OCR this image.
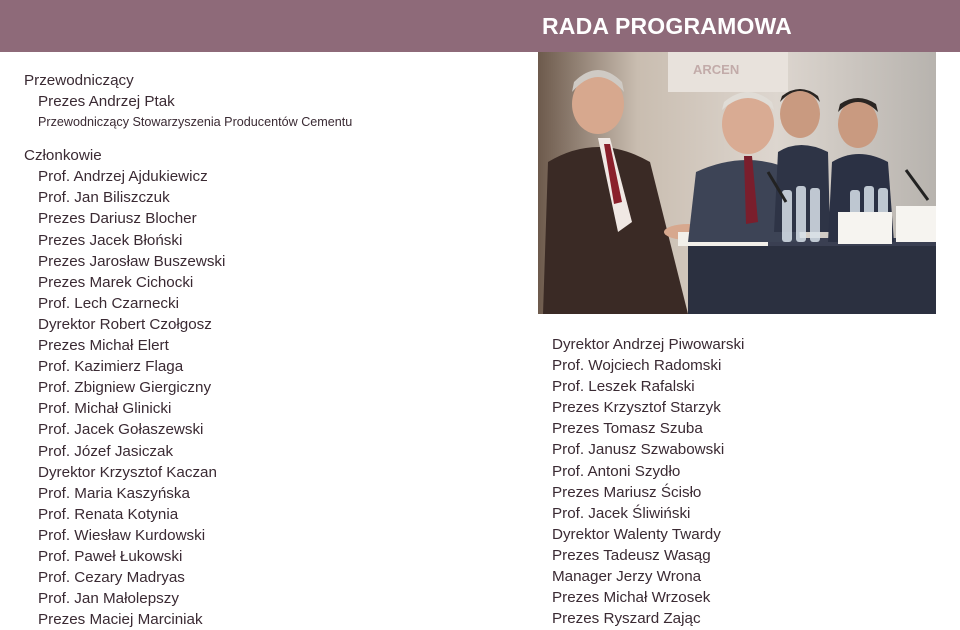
RADA PROGRAMOWA
Przewodniczący
Prezes Andrzej Ptak
Przewodniczący Stowarzyszenia Producentów Cementu
Członkowie
Prof. Andrzej Ajdukiewicz
Prof. Jan Biliszczuk
Prezes Dariusz Blocher
Prezes Jacek Błoński
Prezes Jarosław Buszewski
Prezes Marek Cichocki
Prof. Lech Czarnecki
Dyrektor Robert Czołgosz
Prezes Michał Elert
Prof. Kazimierz Flaga
Prof. Zbigniew Giergiczny
Prof. Michał Glinicki
Prof. Jacek Gołaszewski
Prof. Józef Jasiczak
Dyrektor Krzysztof Kaczan
Prof. Maria Kaszyńska
Prof. Renata Kotynia
Prof. Wiesław Kurdowski
Prof. Paweł Łukowski
Prof. Cezary Madryas
Prof. Jan Małolepszy
Prezes Maciej Marciniak
ARCEN
Dyrektor Andrzej Piwowarski
Prof. Wojciech Radomski
Prof. Leszek Rafalski
Prezes Krzysztof Starzyk
Prezes Tomasz Szuba
Prof. Janusz Szwabowski
Prof. Antoni Szydło
Prezes Mariusz Ścisło
Prof. Jacek Śliwiński
Dyrektor Walenty Twardy
Prezes Tadeusz Wasąg
Manager Jerzy Wrona
Prezes Michał Wrzosek
Prezes Ryszard Zając
